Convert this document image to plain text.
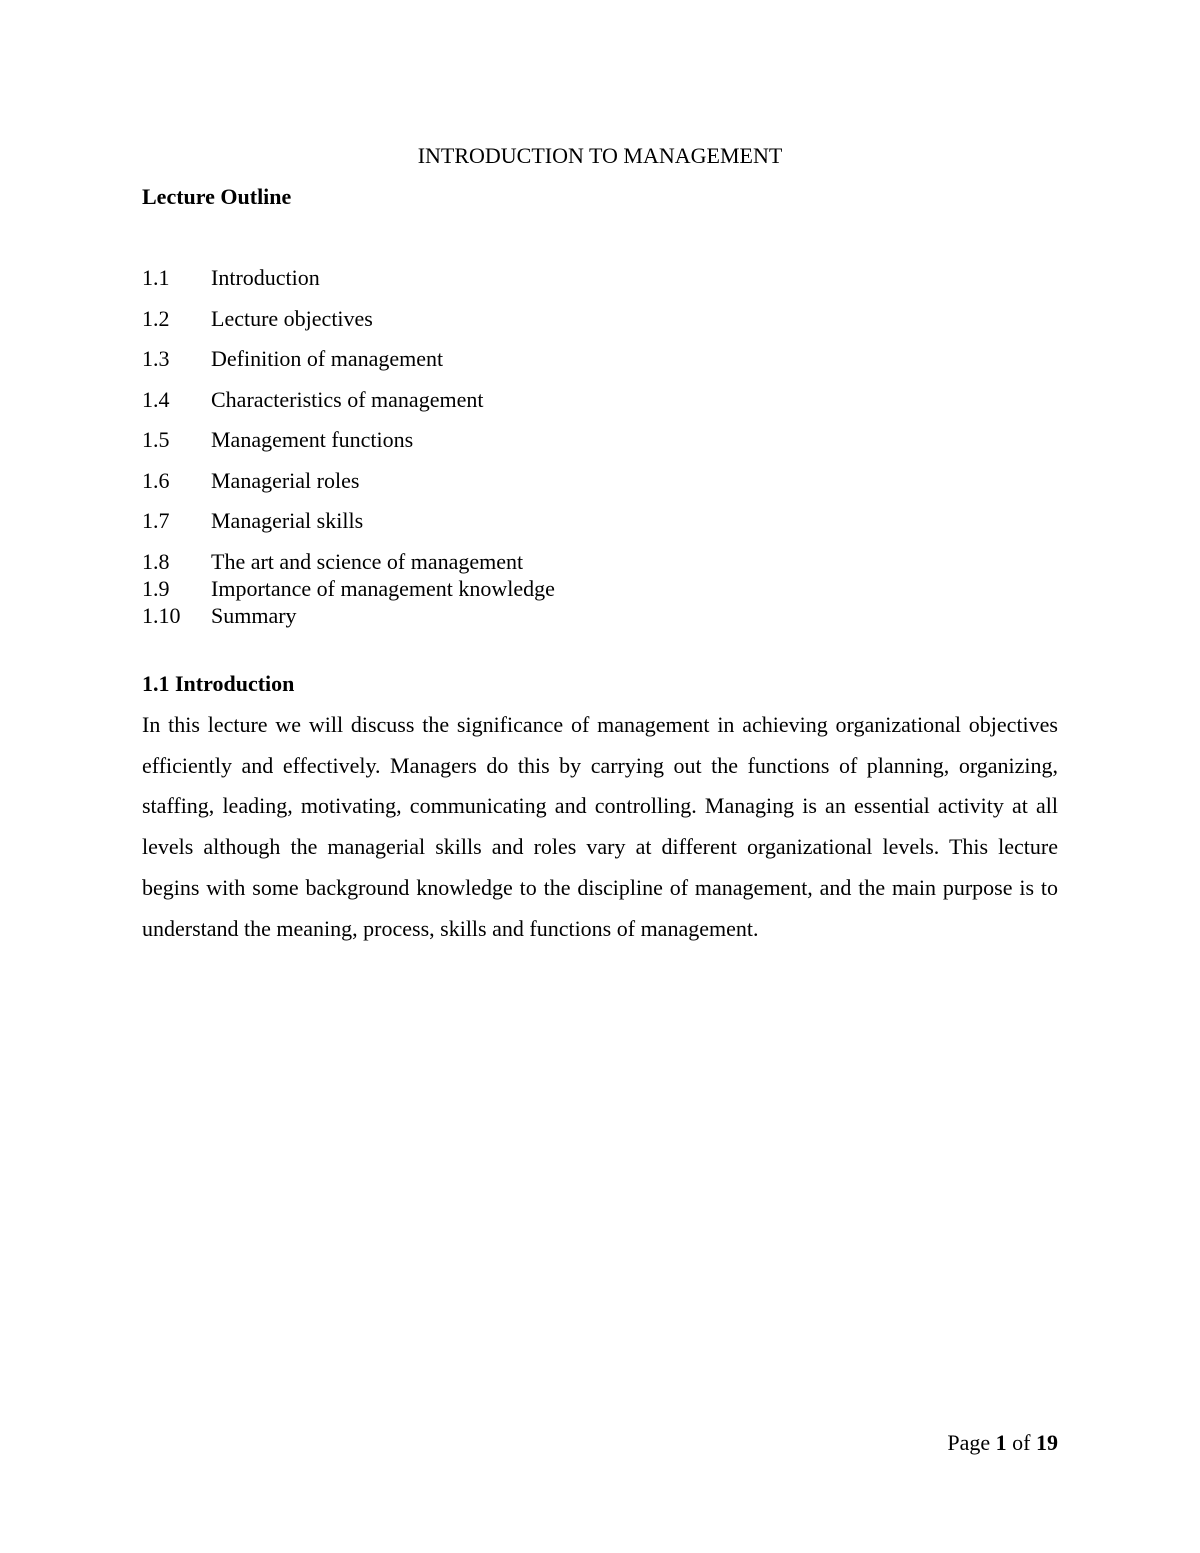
INTRODUCTION TO MANAGEMENT
Lecture Outline
1.1 Introduction
1.2 Lecture objectives
1.3 Definition of management
1.4 Characteristics of management
1.5 Management functions
1.6 Managerial roles
1.7 Managerial skills
1.8 The art and science of management
1.9 Importance of management knowledge
1.10 Summary
1.1 Introduction

In this lecture we will discuss the significance of management in achieving organizational objectives efficiently and effectively. Managers do this by carrying out the functions of planning, organizing, staffing, leading, motivating, communicating and controlling. Managing is an essential activity at all levels although the managerial skills and roles vary at different organizational levels. This lecture begins with some background knowledge to the discipline of management, and the main purpose is to understand the meaning, process, skills and functions of management.

Page 1 of 19
